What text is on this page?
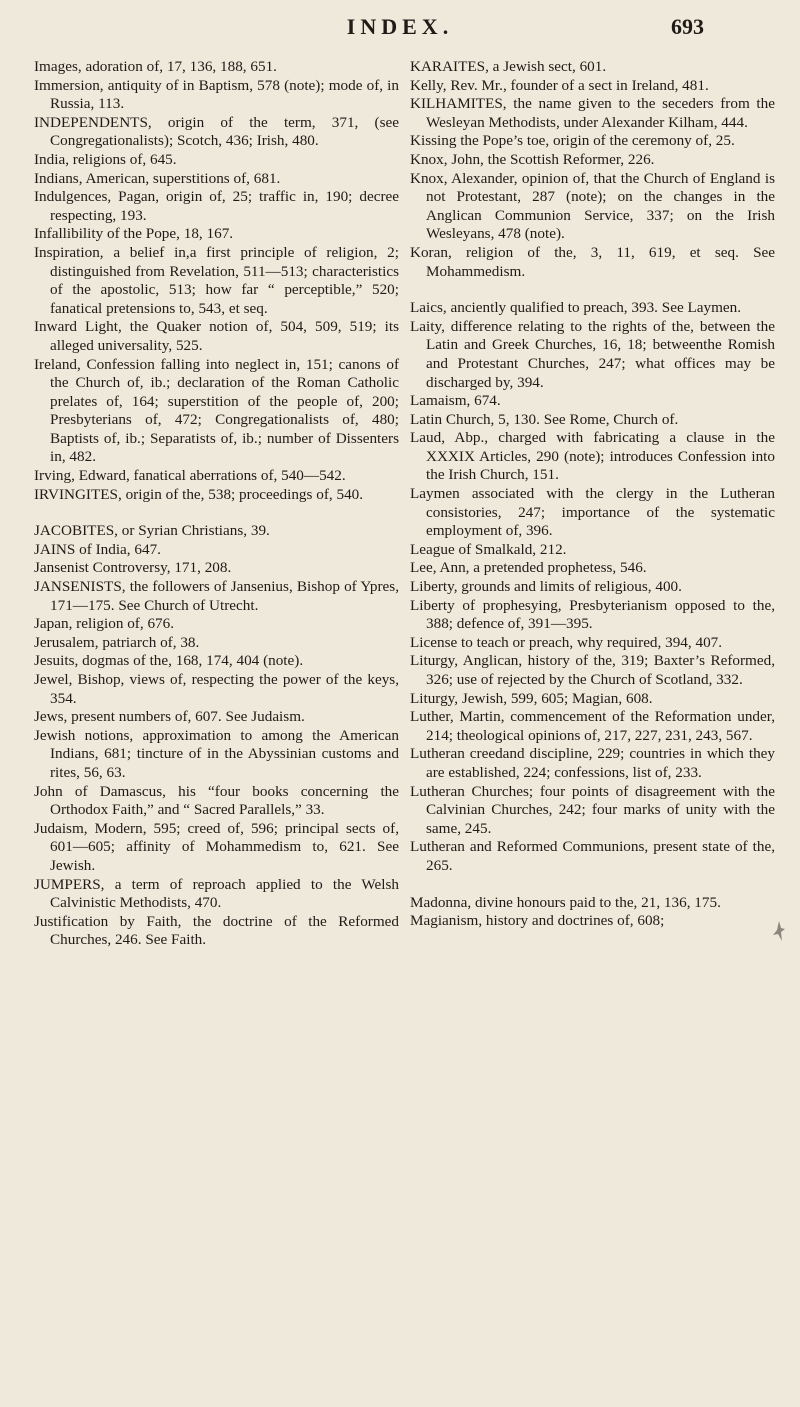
INDEX.	693
Images, adoration of, 17, 136, 188, 651.
Immersion, antiquity of in Baptism, 578 (note); mode of, in Russia, 113.
INDEPENDENTS, origin of the term, 371, (see Congregationalists); Scotch, 436; Irish, 480.
India, religions of, 645.
Indians, American, superstitions of, 681.
Indulgences, Pagan, origin of, 25; traffic in, 190; decree respecting, 193.
Infallibility of the Pope, 18, 167.
Inspiration, a belief in,a first principle of religion, 2; distinguished from Revelation, 511—513; characteristics of the apostolic, 513; how far “ perceptible,” 520; fanatical pretensions to, 543, et seq.
Inward Light, the Quaker notion of, 504, 509, 519; its alleged universality, 525.
Ireland, Confession falling into neglect in, 151; canons of the Church of, ib.; declaration of the Roman Catholic prelates of, 164; superstition of the people of, 200; Presbyterians of, 472; Congregationalists of, 480; Baptists of, ib.; Separatists of, ib.; number of Dissenters in, 482.
Irving, Edward, fanatical aberrations of, 540—542.
IRVINGITES, origin of the, 538; proceedings of, 540.
JACOBITES, or Syrian Christians, 39.
JAINS of India, 647.
Jansenist Controversy, 171, 208.
JANSENISTS, the followers of Jansenius, Bishop of Ypres, 171—175. See Church of Utrecht.
Japan, religion of, 676.
Jerusalem, patriarch of, 38.
Jesuits, dogmas of the, 168, 174, 404 (note).
Jewel, Bishop, views of, respecting the power of the keys, 354.
Jews, present numbers of, 607. See Judaism.
Jewish notions, approximation to among the American Indians, 681; tincture of in the Abyssinian customs and rites, 56, 63.
John of Damascus, his “four books concerning the Orthodox Faith,” and “ Sacred Parallels,” 33.
Judaism, Modern, 595; creed of, 596; principal sects of, 601—605; affinity of Mohammedism to, 621. See Jewish.
JUMPERS, a term of reproach applied to the Welsh Calvinistic Methodists, 470.
Justification by Faith, the doctrine of the Reformed Churches, 246. See Faith.
KARAITES, a Jewish sect, 601.
Kelly, Rev. Mr., founder of a sect in Ireland, 481.
KILHAMITES, the name given to the seceders from the Wesleyan Methodists, under Alexander Kilham, 444.
Kissing the Pope’s toe, origin of the ceremony of, 25.
Knox, John, the Scottish Reformer, 226.
Knox, Alexander, opinion of, that the Church of England is not Protestant, 287 (note); on the changes in the Anglican Communion Service, 337; on the Irish Wesleyans, 478 (note).
Koran, religion of the, 3, 11, 619, et seq. See Mohammedism.
Laics, anciently qualified to preach, 393. See Laymen.
Laity, difference relating to the rights of the, between the Latin and Greek Churches, 16, 18; betweenthe Romish and Protestant Churches, 247; what offices may be discharged by, 394.
Lamaism, 674.
Latin Church, 5, 130. See Rome, Church of.
Laud, Abp., charged with fabricating a clause in the XXXIX Articles, 290 (note); introduces Confession into the Irish Church, 151.
Laymen associated with the clergy in the Lutheran consistories, 247; importance of the systematic employment of, 396.
League of Smalkald, 212.
Lee, Ann, a pretended prophetess, 546.
Liberty, grounds and limits of religious, 400.
Liberty of prophesying, Presbyterianism opposed to the, 388; defence of, 391—395.
License to teach or preach, why required, 394, 407.
Liturgy, Anglican, history of the, 319; Baxter’s Reformed, 326; use of rejected by the Church of Scotland, 332.
Liturgy, Jewish, 599, 605; Magian, 608.
Luther, Martin, commencement of the Reformation under, 214; theological opinions of, 217, 227, 231, 243, 567.
Lutheran creedand discipline, 229; countries in which they are established, 224; confessions, list of, 233.
Lutheran Churches; four points of disagreement with the Calvinian Churches, 242; four marks of unity with the same, 245.
Lutheran and Reformed Communions, present state of the, 265.
Madonna, divine honours paid to the, 21, 136, 175.
Magianism, history and doctrines of, 608;
